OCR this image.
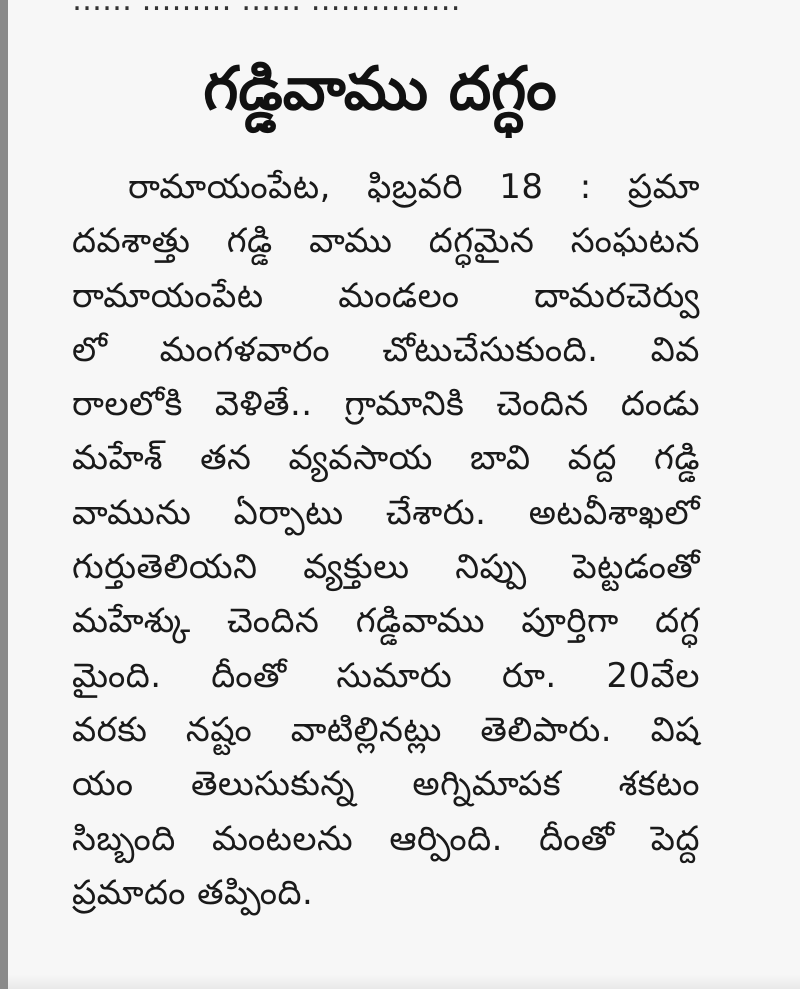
గడ్డివాము దగ్ధం
రామాయంపేట, ఫిబ్రవరి 18 : ప్రమా
దవశాత్తు గడ్డి వాము దగ్ధమైన సంఘటన
రామాయంపేట మండలం దామరచెర్వు
లో మంగళవారం చోటుచేసుకుంది. వివ
రాలలోకి వెళితే.. గ్రామానికి చెందిన దండు
మహేశ్ తన వ్యవసాయ బావి వద్ద గడ్డి
వామును ఏర్పాటు చేశారు. అటవీశాఖలో
గుర్తుతెలియని వ్యక్తులు నిప్పు పెట్టడంతో
మహేశ్కు చెందిన గడ్డివాము పూర్తిగా దగ్ధ
మైంది. దీంతో సుమారు రూ. 20వేల
వరకు నష్టం వాటిల్లినట్లు తెలిపారు. విష
యం తెలుసుకున్న అగ్నిమాపక శకటం
సిబ్బంది మంటలను ఆర్పింది. దీంతో పెద్ద
ప్రమాదం తప్పింది.
